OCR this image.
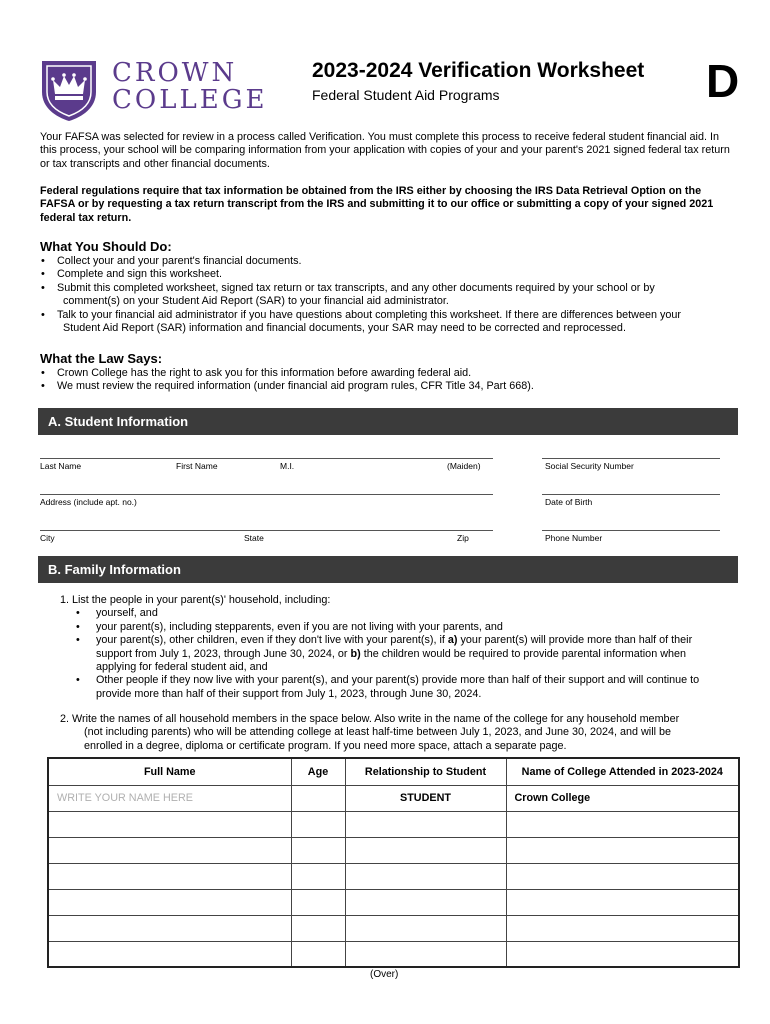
CROWN
COLLEGE
2023-2024 Verification Worksheet
Federal Student Aid Programs	D
Your FAFSA was selected for review in a process called Verification. You must complete this process to receive federal student financial aid. In this process, your school will be comparing information from your application with copies of your and your parent's 2021 signed federal tax return or tax transcripts and other financial documents.
Federal regulations require that tax information be obtained from the IRS either by choosing the IRS Data Retrieval Option on the FAFSA or by requesting a tax return transcript from the IRS and submitting it to our office or submitting a copy of your signed 2021 federal tax return.
What You Should Do:
• Collect your and your parent's financial documents.
• Complete and sign this worksheet.
• Submit this completed worksheet, signed tax return or tax transcripts, and any other documents required by your school or by
comment(s) on your Student Aid Report (SAR) to your financial aid administrator.
• Talk to your financial aid administrator if you have questions about completing this worksheet. If there are differences between your
Student Aid Report (SAR) information and financial documents, your SAR may need to be corrected and reprocessed.
What the Law Says:
• Crown College has the right to ask you for this information before awarding federal aid.
• We must review the required information (under financial aid program rules, CFR Title 34, Part 668).
A. Student Information
Last Name	First Name	M.I.	(Maiden)	Social Security Number
Address (include apt. no.)	Date of Birth
City	State	Zip	Phone Number
B. Family Information
1. List the people in your parent(s)' household, including:
• yourself, and
• your parent(s), including stepparents, even if you are not living with your parents, and
• your parent(s), other children, even if they don't live with your parent(s), if a) your parent(s) will provide more than half of their
support from July 1, 2023, through June 30, 2024, or b) the children would be required to provide parental information when
applying for federal student aid, and
• Other people if they now live with your parent(s), and your parent(s) provide more than half of their support and will continue to
provide more than half of their support from July 1, 2023, through June 30, 2024.
2. Write the names of all household members in the space below. Also write in the name of the college for any household member
(not including parents) who will be attending college at least half-time between July 1, 2023, and June 30, 2024, and will be
enrolled in a degree, diploma or certificate program. If you need more space, attach a separate page.
Full Name	Age	Relationship to Student	Name of College Attended in 2023-2024
WRITE YOUR NAME HERE		STUDENT	Crown College

(Over)
